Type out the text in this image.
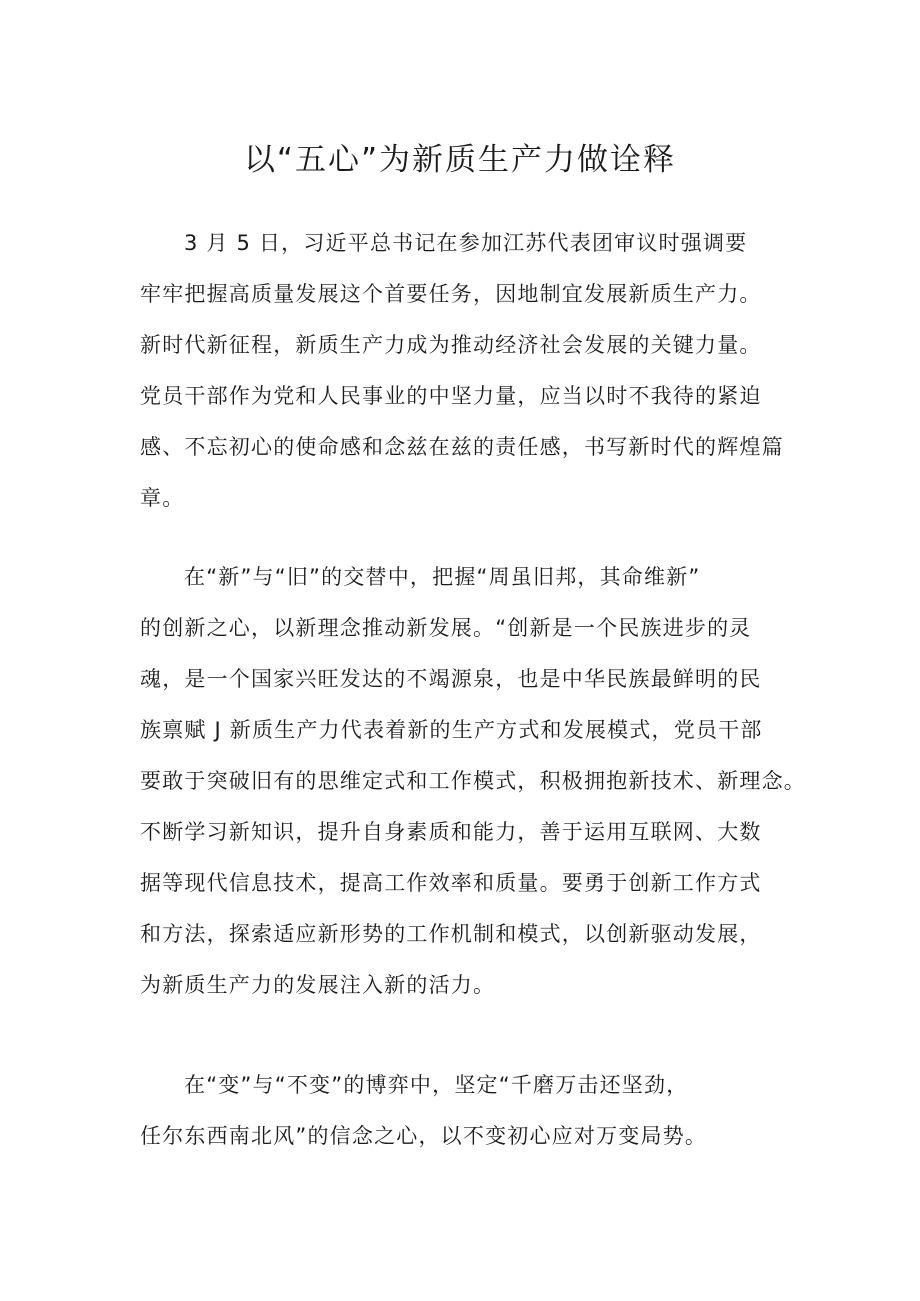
以“五心”为新质生产力做诠释
3 月 5 日，习近平总书记在参加江苏代表团审议时强调要
牢牢把握高质量发展这个首要任务，因地制宜发展新质生产力。
新时代新征程，新质生产力成为推动经济社会发展的关键力量。
党员干部作为党和人民事业的中坚力量，应当以时不我待的紧迫
感、不忘初心的使命感和念兹在兹的责任感，书写新时代的辉煌篇
章。
在“新”与“旧”的交替中，把握“周虽旧邦，其命维新”
的创新之心，以新理念推动新发展。“创新是一个民族进步的灵
魂，是一个国家兴旺发达的不竭源泉，也是中华民族最鲜明的民
族禀赋 J 新质生产力代表着新的生产方式和发展模式，党员干部
要敢于突破旧有的思维定式和工作模式，积极拥抱新技术、新理念。
不断学习新知识，提升自身素质和能力，善于运用互联网、大数
据等现代信息技术，提高工作效率和质量。要勇于创新工作方式
和方法，探索适应新形势的工作机制和模式，以创新驱动发展，
为新质生产力的发展注入新的活力。
在“变”与“不变”的博弈中，坚定“千磨万击还坚劲，
任尔东西南北风”的信念之心，以不变初心应对万变局势。
